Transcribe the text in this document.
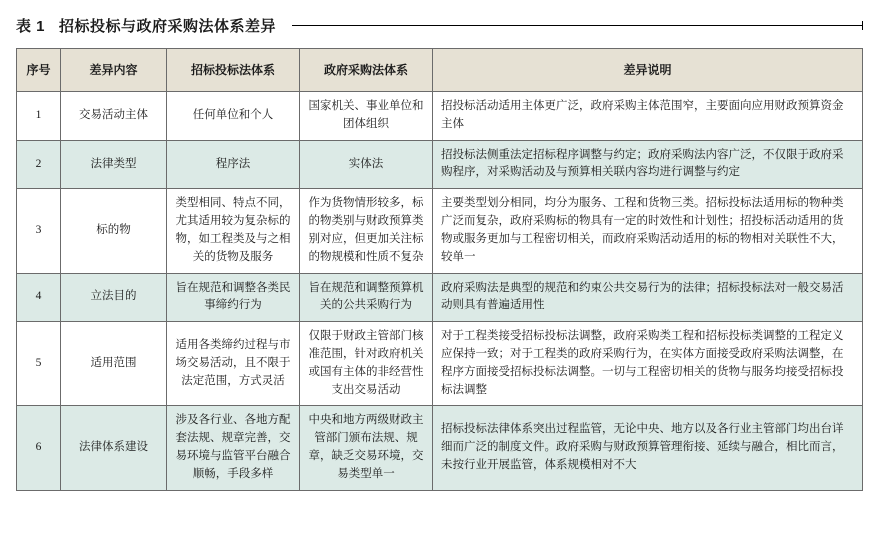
表 1 招标投标与政府采购法体系差异
序号	差异内容	招标投标法体系	政府采购法体系	差异说明
1	交易活动主体	任何单位和个人	国家机关、事业单位和团体组织	招投标活动适用主体更广泛，政府采购主体范围窄，主要面向应用财政预算资金主体
2	法律类型	程序法	实体法	招投标法侧重法定招标程序调整与约定；政府采购法内容广泛，不仅限于政府采购程序，对采购活动及与预算相关联内容均进行调整与约定
3	标的物	类型相同、特点不同，尤其适用较为复杂标的物，如工程类及与之相关的货物及服务	作为货物情形较多，标的物类别与财政预算类别对应，但更加关注标的物规模和性质不复杂	主要类型划分相同，均分为服务、工程和货物三类。招标投标法适用标的物种类广泛而复杂，政府采购标的物具有一定的时效性和计划性；招投标活动适用的货物或服务更加与工程密切相关，而政府采购活动适用的标的物相对关联性不大，较单一
4	立法目的	旨在规范和调整各类民事缔约行为	旨在规范和调整预算机关的公共采购行为	政府采购法是典型的规范和约束公共交易行为的法律；招标投标法对一般交易活动则具有普遍适用性
5	适用范围	适用各类缔约过程与市场交易活动，且不限于法定范围，方式灵活	仅限于财政主管部门核准范围，针对政府机关或国有主体的非经营性支出交易活动	对于工程类接受招标投标法调整，政府采购类工程和招标投标类调整的工程定义应保持一致；对于工程类的政府采购行为，在实体方面接受政府采购法调整，在程序方面接受招标投标法调整。一切与工程密切相关的货物与服务均接受招标投标法调整
6	法律体系建设	涉及各行业、各地方配套法规、规章完善，交易环境与监管平台融合顺畅，手段多样	中央和地方两级财政主管部门颁布法规、规章，缺乏交易环境，交易类型单一	招标投标法律体系突出过程监管，无论中央、地方以及各行业主管部门均出台详细而广泛的制度文件。政府采购与财政预算管理衔接、延续与融合，相比而言，未按行业开展监管，体系规模相对不大
